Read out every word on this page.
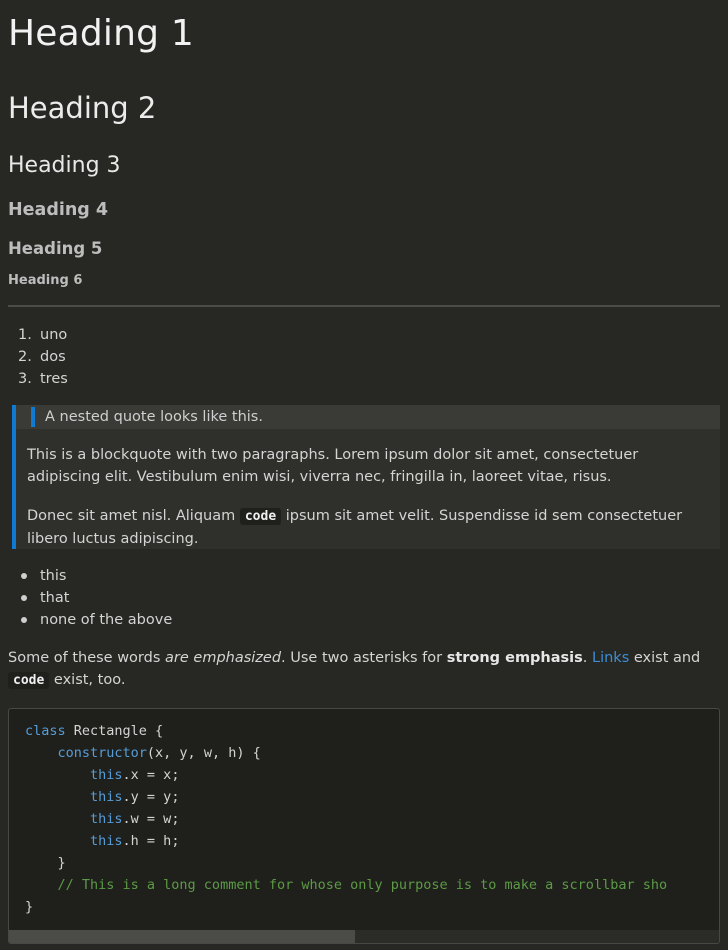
Heading 1
Heading 2
Heading 3
Heading 4
Heading 5
Heading 6
1. uno
2. dos
3. tres
A nested quote looks like this.

This is a blockquote with two paragraphs. Lorem ipsum dolor sit amet, consectetuer adipiscing elit. Vestibulum enim wisi, viverra nec, fringilla in, laoreet vitae, risus.

Donec sit amet nisl. Aliquam code ipsum sit amet velit. Suspendisse id sem consectetuer libero luctus adipiscing.

this
that
none of the above

Some of these words are emphasized. Use two asterisks for strong emphasis. Links exist and code exist, too.

class Rectangle {
constructor(x, y, w, h) {
this.x = x;
this.y = y;
this.w = w;
this.h = h;
}
// This is a long comment for whose only purpose is to make a scrollbar sho
}
